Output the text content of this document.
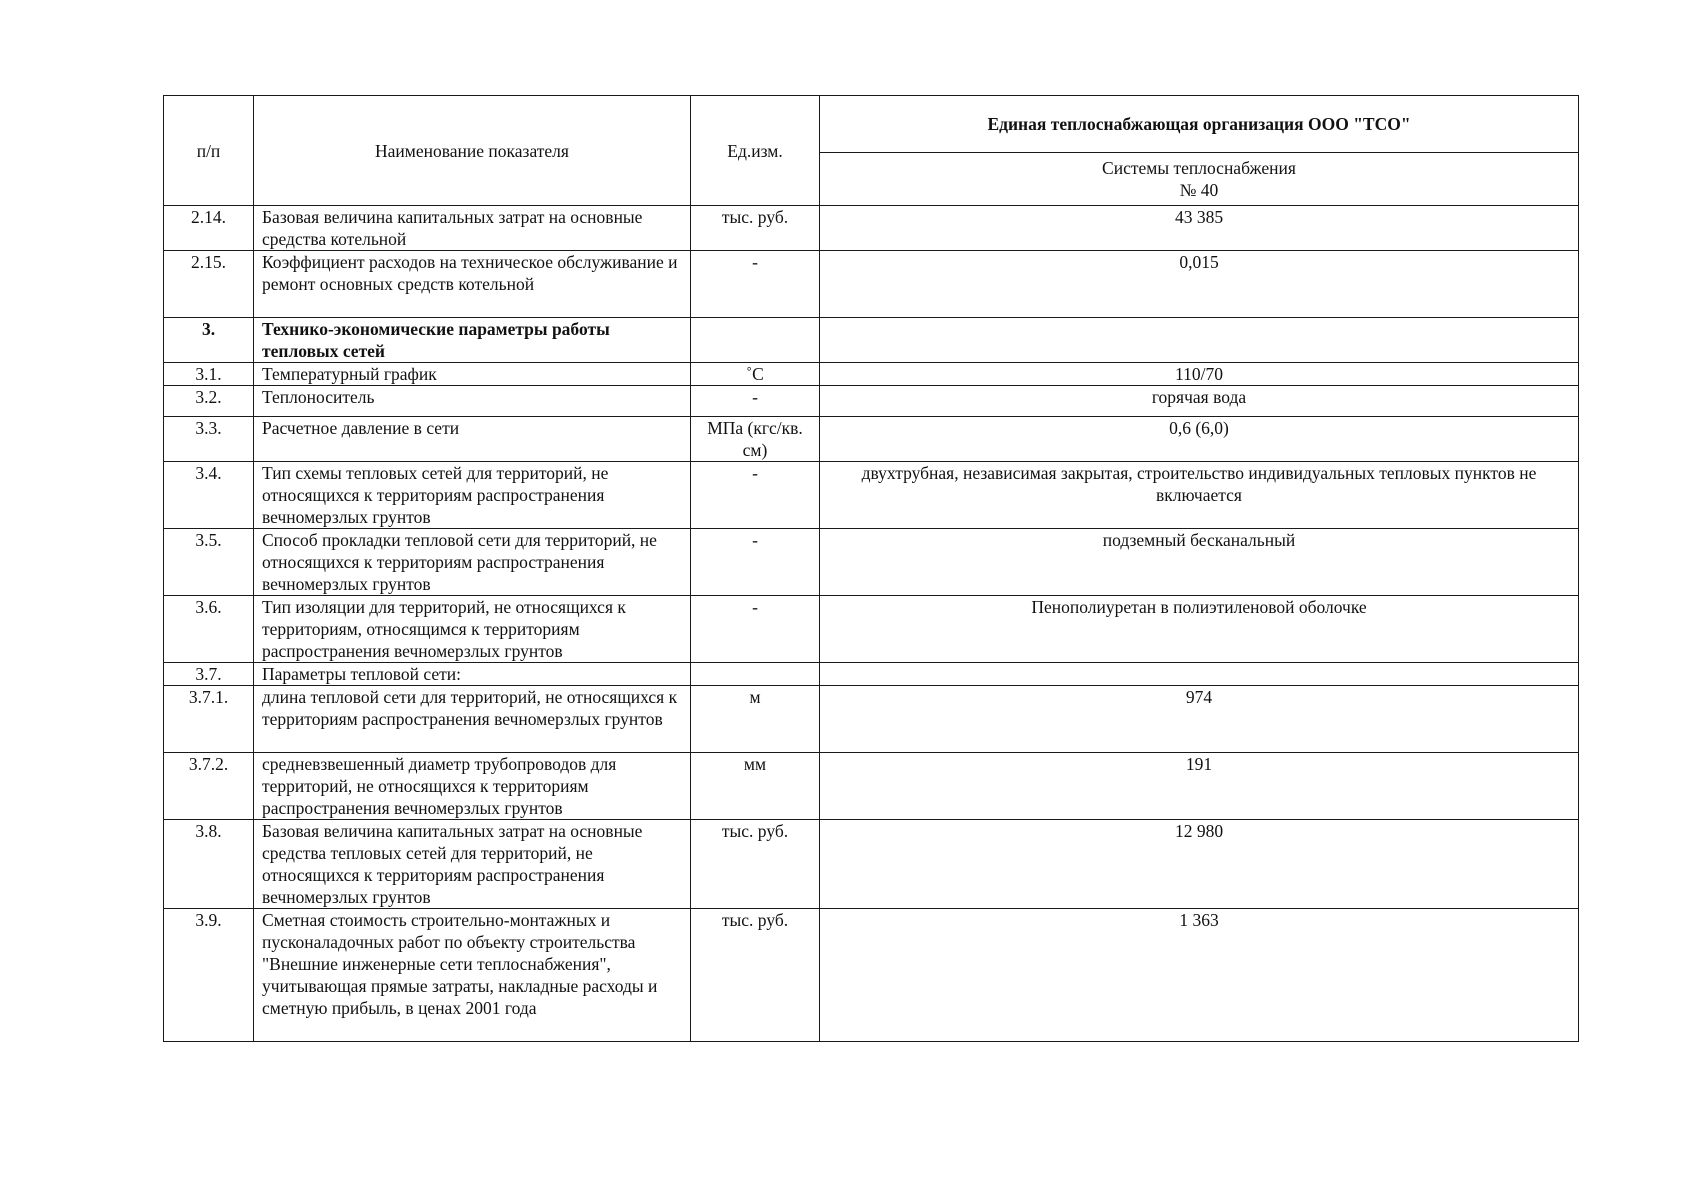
п/п	Наименование показателя	Ед.изм.	Единая теплоснабжающая организация ООО "ТСО"

			Системы теплоснабжения
№ 40

2.14.	Базовая величина капитальных затрат на основные средства котельной	тыс. руб.	43 385
2.15.	Коэффициент расходов на техническое обслуживание и ремонт основных средств котельной	-	0,015
3.	Технико-экономические параметры работы тепловых сетей		
3.1.	Температурный график	˚С	110/70
3.2.	Теплоноситель	-	горячая вода
3.3.	Расчетное давление в сети	МПа (кгс/кв. см)	0,6 (6,0)
3.4.	Тип схемы тепловых сетей для территорий, не относящихся к территориям распространения вечномерзлых грунтов	-	двухтрубная, независимая закрытая, строительство индивидуальных тепловых пунктов не включается
3.5.	Способ прокладки тепловой сети для территорий, не относящихся к территориям распространения вечномерзлых грунтов	-	подземный бесканальный
3.6.	Тип изоляции для территорий, не относящихся к территориям, относящимся к территориям распространения вечномерзлых грунтов	-	Пенополиуретан в полиэтиленовой оболочке
3.7.	Параметры тепловой сети:		
3.7.1.	длина тепловой сети для территорий, не относящихся к территориям распространения вечномерзлых грунтов	м	974
3.7.2.	средневзвешенный диаметр трубопроводов для территорий, не относящихся к территориям распространения вечномерзлых грунтов	мм	191
3.8.	Базовая величина капитальных затрат на основные средства тепловых сетей для территорий, не относящихся к территориям распространения вечномерзлых грунтов	тыс. руб.	12 980
3.9.	Сметная стоимость строительно-монтажных и пусконаладочных работ по объекту строительства "Внешние инженерные сети теплоснабжения", учитывающая прямые затраты, накладные расходы и сметную прибыль, в ценах 2001 года	тыс. руб.	1 363
